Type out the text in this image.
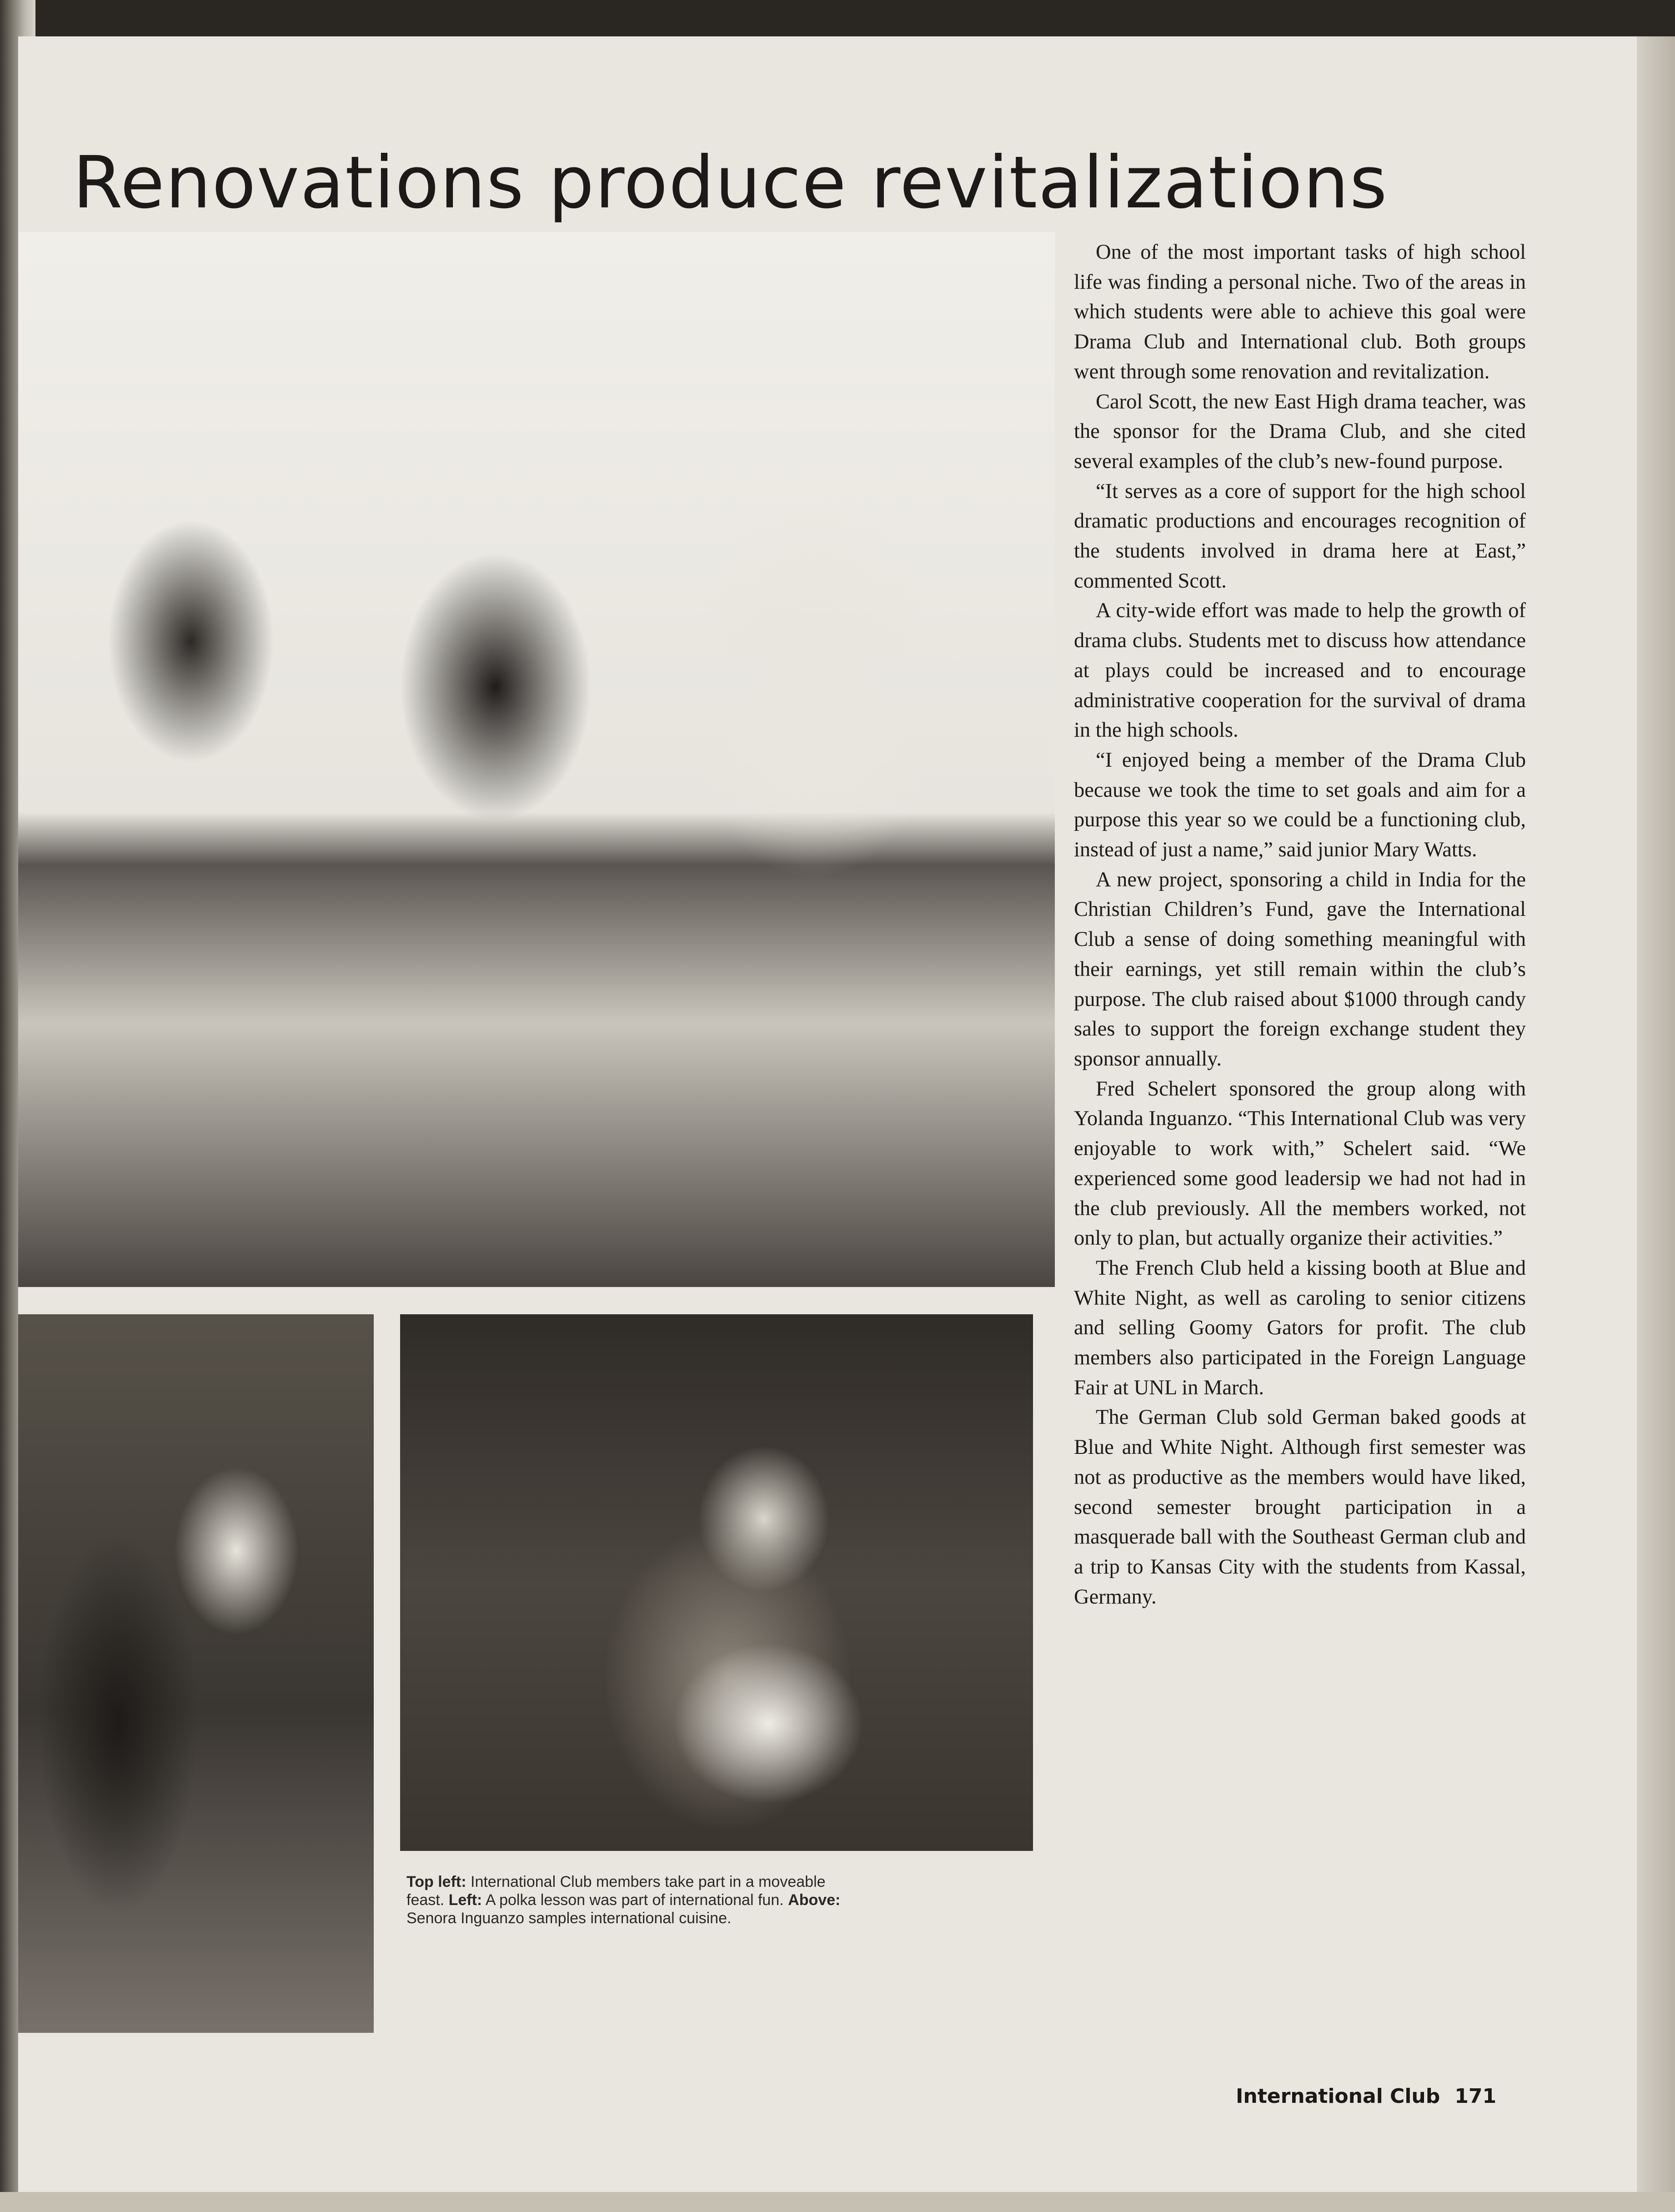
Renovations produce revitalizations

Top left: International Club members take part in a moveable feast. Left: A polka lesson was part of international fun. Above: Senora Inguanzo samples international cuisine.

One of the most important tasks of high school life was finding a personal niche. Two of the areas in which students were able to achieve this goal were Drama Club and International club. Both groups went through some renovation and revitalization.

Carol Scott, the new East High drama teacher, was the sponsor for the Drama Club, and she cited several examples of the club’s new-found purpose.

“It serves as a core of support for the high school dramatic productions and encourages recognition of the students involved in drama here at East,” commented Scott.

A city-wide effort was made to help the growth of drama clubs. Students met to discuss how attendance at plays could be increased and to encourage administrative cooperation for the survival of drama in the high schools.

“I enjoyed being a member of the Drama Club because we took the time to set goals and aim for a purpose this year so we could be a functioning club, instead of just a name,” said junior Mary Watts.

A new project, sponsoring a child in India for the Christian Children’s Fund, gave the International Club a sense of doing something meaningful with their earnings, yet still remain within the club’s purpose. The club raised about $1000 through candy sales to support the foreign exchange student they sponsor annually.

Fred Schelert sponsored the group along with Yolanda Inguanzo. “This International Club was very enjoyable to work with,” Schelert said. “We experienced some good leadersip we had not had in the club previously. All the members worked, not only to plan, but actually organize their activities.”

The French Club held a kissing booth at Blue and White Night, as well as caroling to senior citizens and selling Goomy Gators for profit. The club members also participated in the Foreign Language Fair at UNL in March.

The German Club sold German baked goods at Blue and White Night. Although first semester was not as productive as the members would have liked, second semester brought participation in a masquerade ball with the Southeast German club and a trip to Kansas City with the students from Kassal, Germany.

International Club 171
